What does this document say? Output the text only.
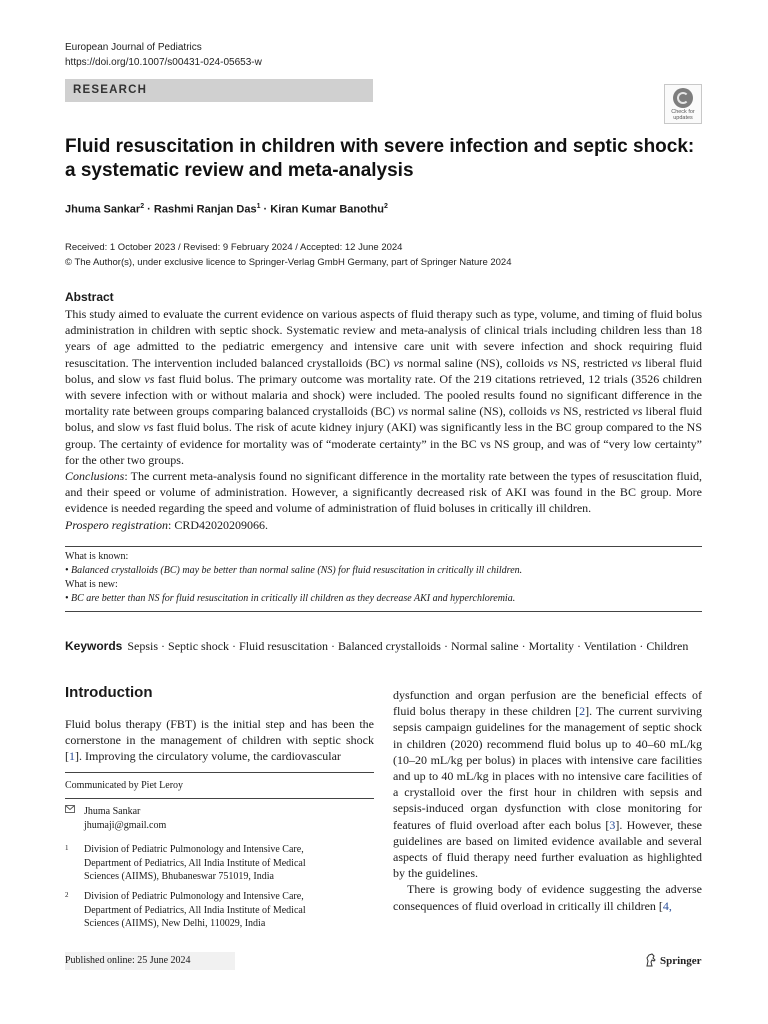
European Journal of Pediatrics
https://doi.org/10.1007/s00431-024-05653-w
RESEARCH
Check for
updates
Fluid resuscitation in children with severe infection and septic shock:
a systematic review and meta-analysis
Jhuma Sankar$^2$ · Rashmi Ranjan Das$^1$ · Kiran Kumar Banothu$^2$
Received: 1 October 2023 / Revised: 9 February 2024 / Accepted: 12 June 2024
© The Author(s), under exclusive licence to Springer-Verlag GmbH Germany, part of Springer Nature 2024
Abstract

This study aimed to evaluate the current evidence on various aspects of fluid therapy such as type, volume, and timing of fluid bolus administration in children with septic shock. Systematic review and meta-analysis of clinical trials including children less than 18 years of age admitted to the pediatric emergency and intensive care unit with severe infection and shock requiring fluid resuscitation. The intervention included balanced crystalloids (BC) vs normal saline (NS), colloids vs NS, restricted vs liberal fluid bolus, and slow vs fast fluid bolus. The primary outcome was mortality rate. Of the 219 citations retrieved, 12 trials (3526 children with severe infection with or without malaria and shock) were included. The pooled results found no significant difference in the mortality rate between groups comparing balanced crystalloids (BC) vs normal saline (NS), colloids vs NS, restricted vs liberal fluid bolus, and slow vs fast fluid bolus. The risk of acute kidney injury (AKI) was significantly less in the BC group compared to the NS group. The certainty of evidence for mortality was of “moderate certainty” in the BC vs NS group, and was of “very low certainty” for the other two groups.

Conclusions: The current meta-analysis found no significant difference in the mortality rate between the types of resuscitation fluid, and their speed or volume of administration. However, a significantly decreased risk of AKI was found in the BC group. More evidence is needed regarding the speed and volume of administration of fluid boluses in critically ill children.

Prospero registration: CRD42020209066.

What is known:
• Balanced crystalloids (BC) may be better than normal saline (NS) for fluid resuscitation in critically ill children.
What is new:
• BC are better than NS for fluid resuscitation in critically ill children as they decrease AKI and hyperchloremia.
Keywords Sepsis · Septic shock · Fluid resuscitation · Balanced crystalloids · Normal saline · Mortality · Ventilation · Children
Introduction

Fluid bolus therapy (FBT) is the initial step and has been the cornerstone in the management of children with septic shock [1]. Improving the circulatory volume, the cardiovascular

dysfunction and organ perfusion are the beneficial effects of fluid bolus therapy in these children [2]. The current surviving sepsis campaign guidelines for the management of septic shock in children (2020) recommend fluid bolus up to 40–60 mL/kg (10–20 mL/kg per bolus) in places with intensive care facilities and up to 40 mL/kg in places with no intensive care facilities of a crystalloid over the first hour in children with sepsis and sepsis-induced organ dysfunction with close monitoring for features of fluid overload after each bolus [3]. However, these guidelines are based on limited evidence available and several aspects of fluid therapy need further evaluation as highlighted by the guidelines.

There is growing body of evidence suggesting the adverse consequences of fluid overload in critically ill children [4,

Communicated by Piet Leroy
Jhuma Sankar
jhumaji@gmail.com
1 Division of Pediatric Pulmonology and Intensive Care,
Department of Pediatrics, All India Institute of Medical
Sciences (AIIMS), Bhubaneswar 751019, India
2 Division of Pediatric Pulmonology and Intensive Care,
Department of Pediatrics, All India Institute of Medical
Sciences (AIIMS), New Delhi, 110029, India
Published online: 25 June 2024	Springer
